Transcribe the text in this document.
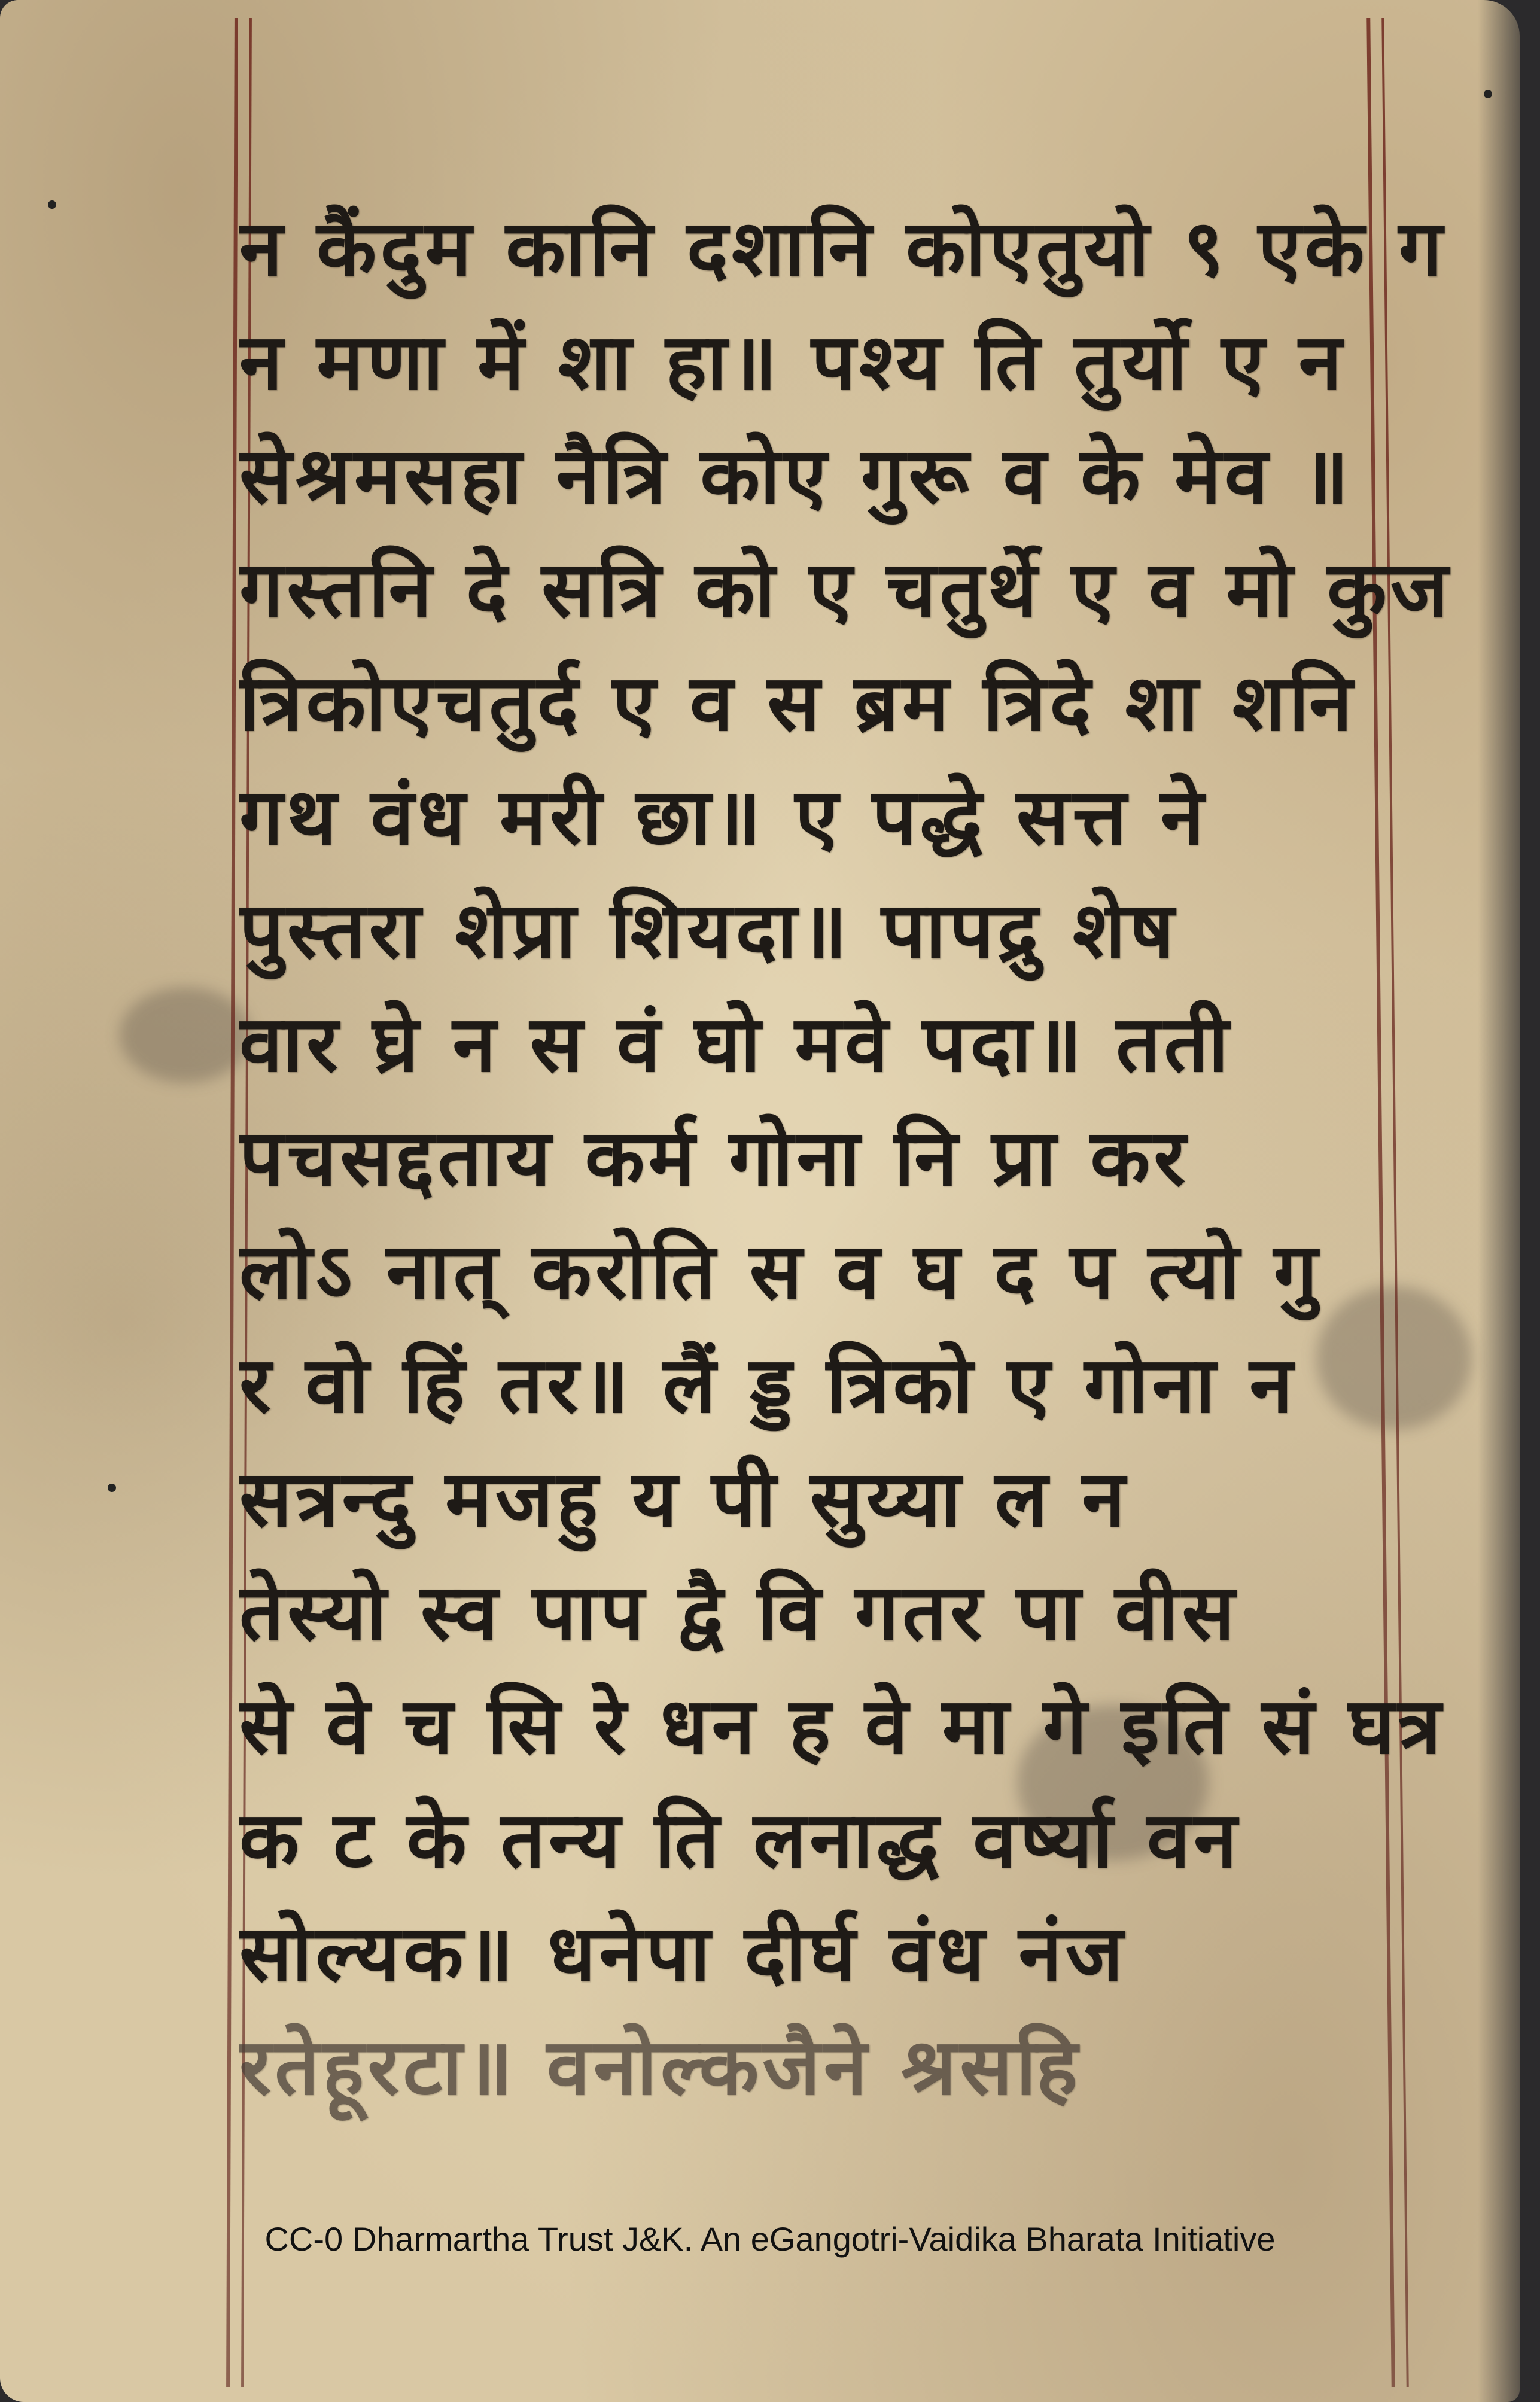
न कैंदुम कानि दशानि कोएतुयो ९ एके ग
न मणा में शा हा॥ पश्य ति तुर्यो ए न
सेश्रमसहा नैत्रि कोए गुरू व के मेव ॥
गस्तनि दे सत्रि को ए चतुर्थे ए व मो कुज
त्रिकोएचतुर्द ए व स ब्रम त्रिदे शा शनि
गथ वंध मरी छा॥ ए पद्धे सत्त ने
पुस्तरा शेप्रा शियदा॥ पापद्रु शेष
वार घ्रे न स वं घो मवे पदा॥ तती
पचसद्दताय कर्म गोना नि प्रा कर
लोऽ नात् करोति स व घ द प त्यो गु
र वो हिं तर॥ लैं ड्ड त्रिको ए गोना न
सत्रन्दु मजहु य पी सुय्या ल न
तेस्यो स्व पाप द्वै वि गतर पा वीस
से वे च सि रे धन ह वे मा गे इति सं घत्र
क ट के तन्य ति लनाद्ध वर्ष्या वन
सोल्यक॥ धनेपा दीर्घ वंध नंज
रतेहूरटा॥ वनोल्कजैने श्रसहि
CC-0 Dharmartha Trust J&K. An eGangotri-Vaidika Bharata Initiative
